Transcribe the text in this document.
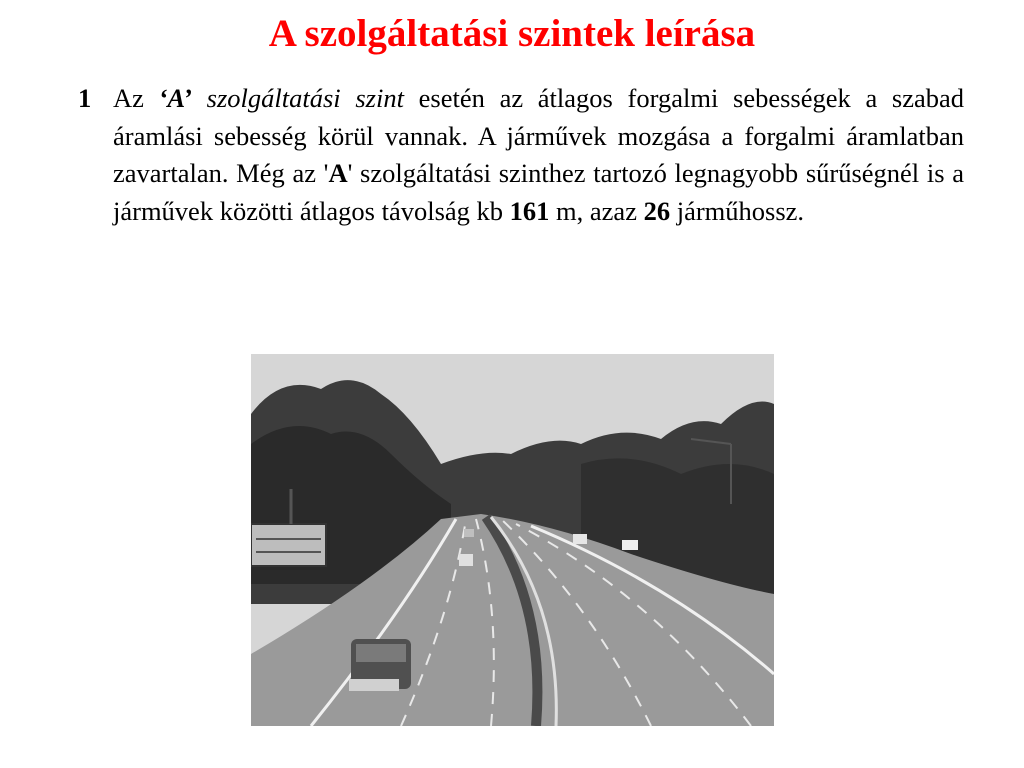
A szolgáltatási szintek leírása
1 Az ‘A’ szolgáltatási szint esetén az átlagos forgalmi sebességek a szabad áramlási sebesség körül vannak. A járművek mozgása a forgalmi áramlatban zavartalan. Még az 'A' szolgáltatási szinthez tartozó legnagyobb sűrűségnél is a járművek közötti átlagos távolság kb 161 m, azaz 26 járműhossz.
